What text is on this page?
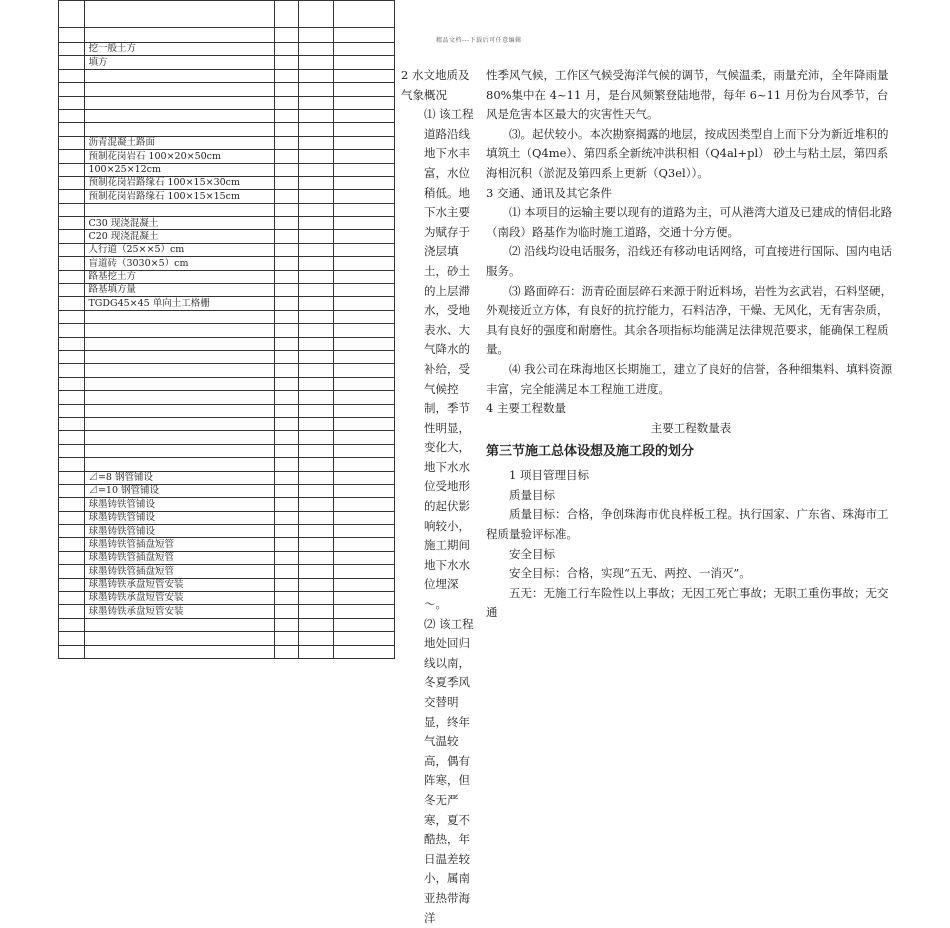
	挖一般土方			
	填方			

	沥青混凝土路面			
	预制花岗岩石 100×20×50cm			
	100×25×12cm			
	预制花岗岩路缘石 100×15×30cm			
	预制花岗岩路缘石 100×15×15cm			

	C30 现浇混凝土			
	C20 现浇混凝土			
	人行道（25××5）cm			
	盲道砖（3030×5）cm			
	路基挖土方			
	路基填方量			
	TGDG45×45 单向土工格栅			

	⊿=8 钢管铺设			
	⊿=10 钢管铺设			
	球墨铸铁管铺设			
	球墨铸铁管铺设			
	球墨铸铁管铺设			
	球墨铸铁管插盘短管			
	球墨铸铁管插盘短管			
	球墨铸铁管插盘短管			
	球墨铸铁承盘短管安装			
	球墨铸铁承盘短管安装			
	球墨铸铁承盘短管安装			

精品文档---下载后可任意编辑

2 水文地质及气象概况

⑴ 该工程道路沿线地下水丰富，水位稍低。地下水主要为赋存于浇层填土，砂土的上层滞水，受地表水、大气降水的补给，受气候控制，季节性明显，变化大，地下水水位受地形的起伏影响较小，施工期间地下水水位埋深 ～。

⑵ 该工程地处回归线以南，冬夏季风交替明显，终年气温较高，偶有阵寒，但冬无严寒，夏不酷热，年日温差较小，属南亚热带海洋

性季风气候，工作区气候受海洋气候的调节，气候温柔，雨量充沛，全年降雨量 80%集中在 4~11 月，是台风频繁登陆地带，每年 6~11 月份为台风季节，台风是危害本区最大的灾害性天气。

⑶。起伏较小。本次勘察揭露的地层，按成因类型自上而下分为新近堆积的填筑土（Q4me）、第四系全新统冲洪积相（Q4al+pl） 砂土与粘土层，第四系海相沉积（淤泥及第四系上更新（Q3el））。

3 交通、通讯及其它条件

⑴ 本项目的运输主要以现有的道路为主，可从港湾大道及已建成的情侣北路（南段）路基作为临时施工道路，交通十分方便。

⑵ 沿线均设电话服务，沿线还有移动电话网络，可直接进行国际、国内电话服务。

⑶ 路面碎石：沥青砼面层碎石来源于附近料场，岩性为玄武岩，石料坚硬，外观接近立方体，有良好的抗拧能力，石料洁净，干燥、无风化，无有害杂质，具有良好的强度和耐磨性。其余各项指标均能满足法律规范要求，能确保工程质量。

⑷ 我公司在珠海地区长期施工，建立了良好的信誉，各种细集料、填料资源丰富，完全能满足本工程施工进度。

4 主要工程数量

主要工程数量表

第三节施工总体设想及施工段的划分

1 项目管理目标

质量目标

质量目标：合格，争创珠海市优良样板工程。执行国家、广东省、珠海市工程质量验评标准。

安全目标

安全目标：合格，实现“五无、两控、一消灭”。

五无：无施工行车险性以上事故；无因工死亡事故；无职工重伤事故；无交通
